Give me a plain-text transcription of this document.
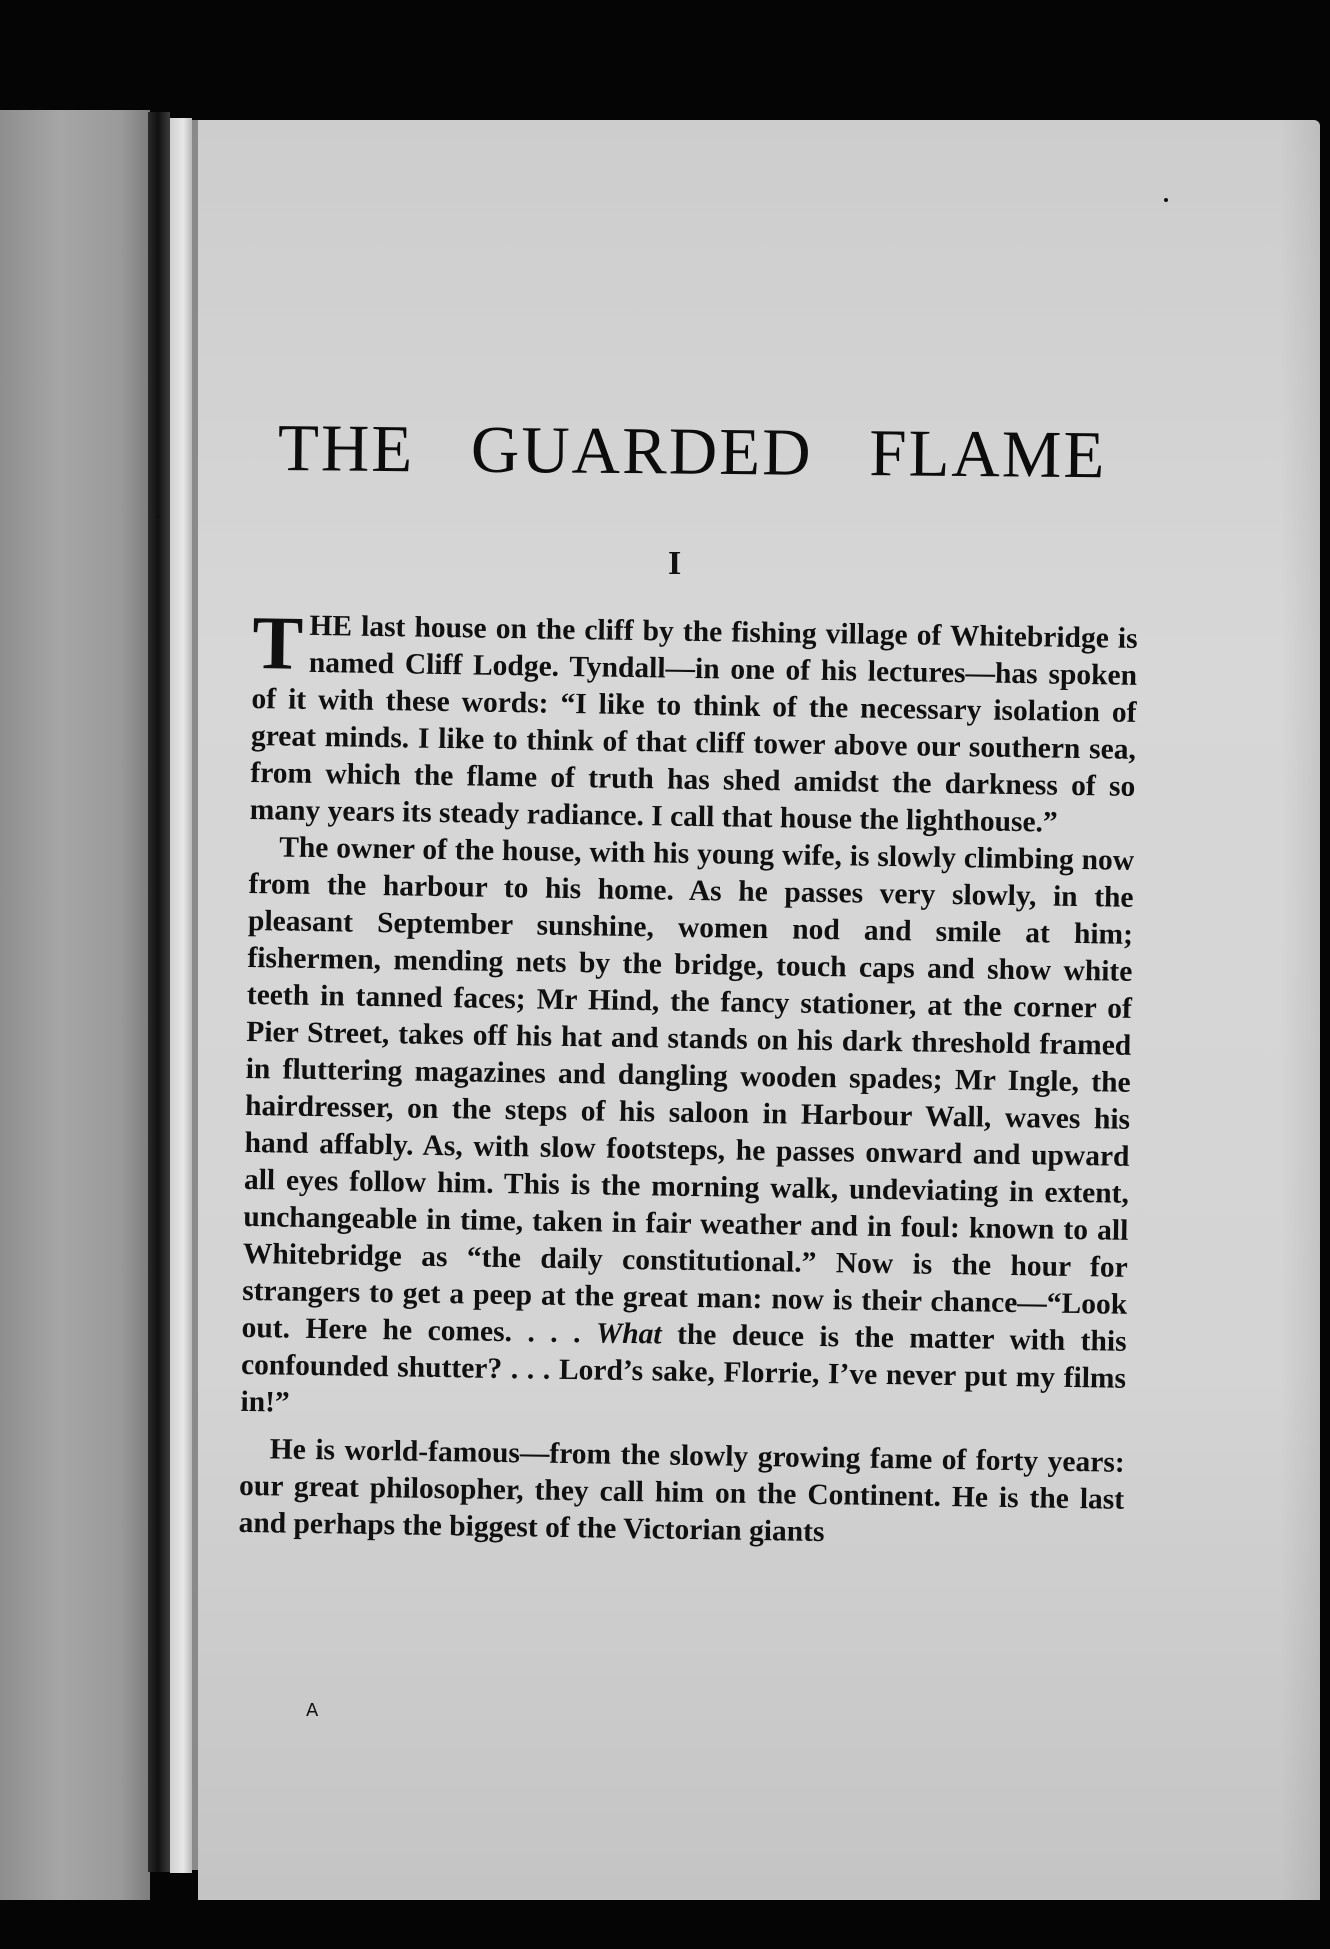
THE GUARDED FLAME
I

THE last house on the cliff by the fishing village of Whitebridge is named Cliff Lodge. Tyndall—in one of his lectures—has spoken of it with these words: “I like to think of the necessary isolation of great minds. I like to think of that cliff tower above our southern sea, from which the flame of truth has shed amidst the darkness of so many years its steady radiance. I call that house the lighthouse.”

The owner of the house, with his young wife, is slowly climbing now from the harbour to his home. As he passes very slowly, in the pleasant September sunshine, women nod and smile at him; fishermen, mending nets by the bridge, touch caps and show white teeth in tanned faces; Mr Hind, the fancy stationer, at the corner of Pier Street, takes off his hat and stands on his dark threshold framed in fluttering magazines and dangling wooden spades; Mr Ingle, the hairdresser, on the steps of his saloon in Harbour Wall, waves his hand affably. As, with slow footsteps, he passes onward and upward all eyes follow him. This is the morning walk, undeviating in extent, unchangeable in time, taken in fair weather and in foul: known to all Whitebridge as “the daily constitutional.” Now is the hour for strangers to get a peep at the great man: now is their chance—“Look out. Here he comes. . . . What the deuce is the matter with this confounded shutter? . . . Lord’s sake, Florrie, I’ve never put my films in!”

He is world-famous—from the slowly growing fame of forty years: our great philosopher, they call him on the Continent. He is the last and perhaps the biggest of the Victorian giants

A
